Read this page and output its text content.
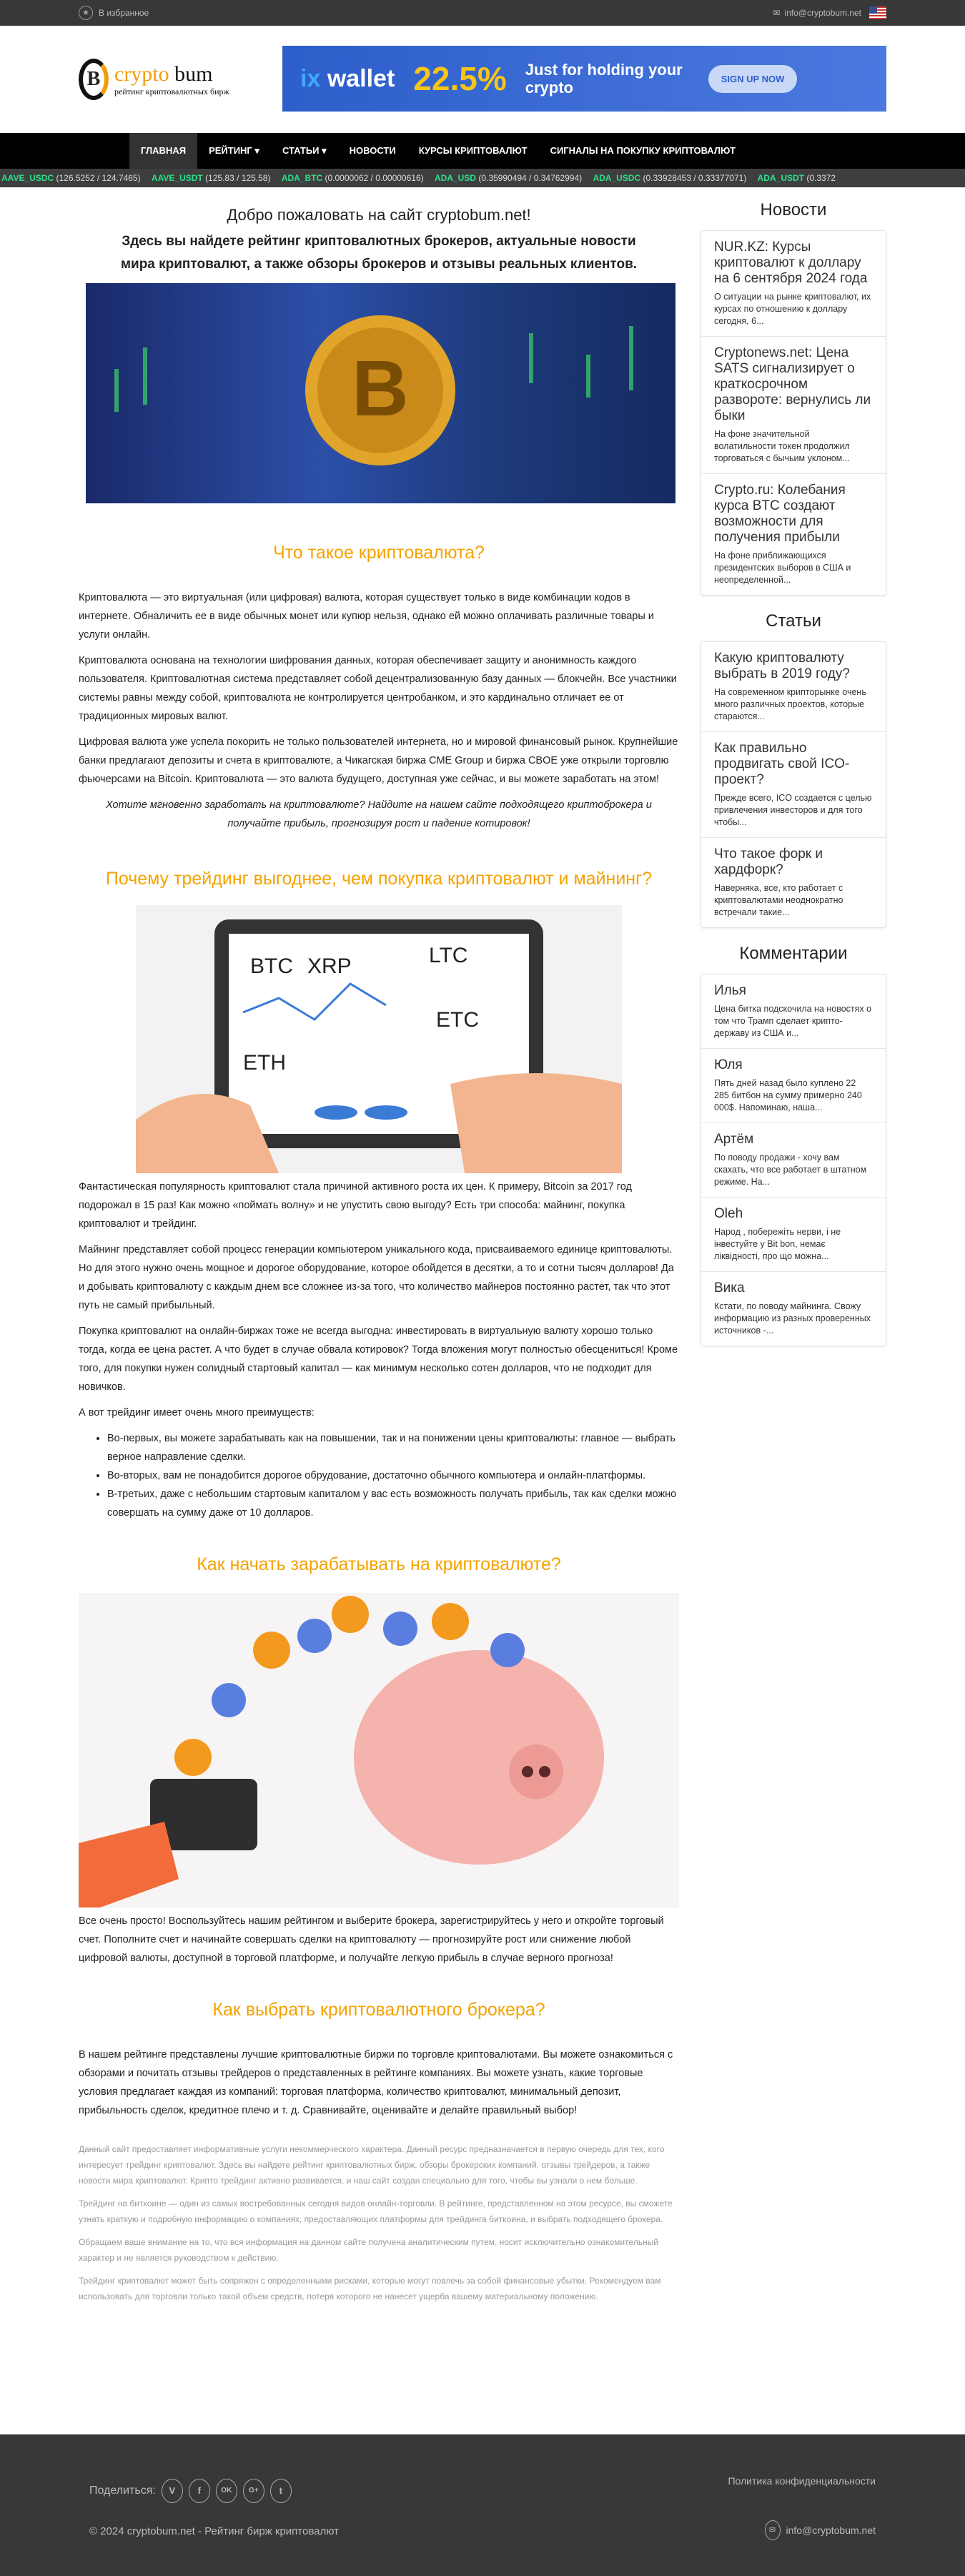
★	В избранное	✉ info@cryptobum.net
B crypto bum
рейтинг криптовалютных бирж	ix wallet 22.5% Just for holding your crypto	SIGN UP NOW
ГЛАВНАЯ	РЕЙТИНГ ▾	СТАТЬИ ▾	НОВОСТИ	КУРСЫ КРИПТОВАЛЮТ	СИГНАЛЫ НА ПОКУПКУ КРИПТОВАЛЮТ
AAVE_USDC (126.5252 / 124.7465) AAVE_USDT (125.83 / 125.58) ADA_BTC (0.0000062 / 0.00000616) ADA_USD (0.35990494 / 0.34762994) ADA_USDC (0.33928453 / 0.33377071) ADA_USDT (0.3372
Добро пожаловать на сайт cryptobum.net!
Здесь вы найдете рейтинг криптовалютных брокеров, актуальные новости мира криптовалют, а также обзоры брокеров и отзывы реальных клиентов.
B
Что такое криптовалюта?

Криптовалюта — это виртуальная (или цифровая) валюта, которая существует только в виде комбинации кодов в интернете. Обналичить ее в виде обычных монет или купюр нельзя, однако ей можно оплачивать различные товары и услуги онлайн.

Криптовалюта основана на технологии шифрования данных, которая обеспечивает защиту и анонимность каждого пользователя. Криптовалютная система представляет собой децентрализованную базу данных — блокчейн. Все участники системы равны между собой, криптовалюта не контролируется центробанком, и это кардинально отличает ее от традиционных мировых валют.

Цифровая валюта уже успела покорить не только пользователей интернета, но и мировой финансовый рынок. Крупнейшие банки предлагают депозиты и счета в криптовалюте, а Чикагская биржа CME Group и биржа CBOE уже открыли торговлю фьючерсами на Bitcoin. Криптовалюта — это валюта будущего, доступная уже сейчас, и вы можете заработать на этом!

Хотите мгновенно заработать на криптовалюте? Найдите на нашем сайте подходящего криптоброкера и получайте прибыль, прогнозируя рост и падение котировок!

Почему трейдинг выгоднее, чем покупка криптовалют и майнинг?
BTC XRP	LTC
ETC
ETH

Фантастическая популярность криптовалют стала причиной активного роста их цен. К примеру, Bitcoin за 2017 год подорожал в 15 раз! Как можно «поймать волну» и не упустить свою выгоду? Есть три способа: майнинг, покупка криптовалют и трейдинг.

Майнинг представляет собой процесс генерации компьютером уникального кода, присваиваемого единице криптовалюты. Но для этого нужно очень мощное и дорогое оборудование, которое обойдется в десятки, а то и сотни тысяч долларов! Да и добывать криптовалюту с каждым днем все сложнее из-за того, что количество майнеров постоянно растет, так что этот путь не самый прибыльный.

Покупка криптовалют на онлайн-биржах тоже не всегда выгодна: инвестировать в виртуальную валюту хорошо только тогда, когда ее цена растет. А что будет в случае обвала котировок? Тогда вложения могут полностью обесцениться! Кроме того, для покупки нужен солидный стартовый капитал — как минимум несколько сотен долларов, что не подходит для новичков.

А вот трейдинг имеет очень много преимуществ:

• Во-первых, вы можете зарабатывать как на повышении, так и на понижении цены криптовалюты: главное — выбрать верное направление сделки.
• Во-вторых, вам не понадобится дорогое обрудование, достаточно обычного компьютера и онлайн-платформы.
• В-третьих, даже с небольшим стартовым капиталом у вас есть возможность получать прибыль, так как сделки можно совершать на сумму даже от 10 долларов.
Как начать зарабатывать на криптовалюте?

Все очень просто! Воспользуйтесь нашим рейтингом и выберите брокера, зарегистрируйтесь у него и откройте торговый счет. Пополните счет и начинайте совершать сделки на криптовалюту — прогнозируйте рост или снижение любой цифровой валюты, доступной в торговой платформе, и получайте легкую прибыль в случае верного прогноза!

Как выбрать криптовалютного брокера?

В нашем рейтинге представлены лучшие криптовалютные биржи по торговле криптовалютами. Вы можете ознакомиться с обзорами и почитать отзывы трейдеров о представленных в рейтинге компаниях. Вы можете узнать, какие торговые условия предлагает каждая из компаний: торговая платформа, количество криптовалют, минимальный депозит, прибыльность сделок, кредитное плечо и т. д. Сравнивайте, оценивайте и делайте правильный выбор!

Данный сайт предоставляет информативные услуги некоммерческого характера. Данный ресурс предназначается в первую очередь для тех, кого интересует трейдинг криптовалют. Здесь вы найдете рейтинг криптовалютных бирж, обзоры брокерских компаний, отзывы трейдеров, а также новости мира криптовалют. Крипто трейдинг активно развивается, и наш сайт создан специально для того, чтобы вы узнали о нем больше.

Трейдинг на биткоине — один из самых востребованных сегодня видов онлайн-торговли. В рейтинге, представленном на этом ресурсе, вы сможете узнать краткую и подробную информацию о компаниях, предоставляющих платформы для трейдинга биткоина, и выбрать подходящего брокера.

Обращаем ваше внимание на то, что вся информация на данном сайте получена аналитическим путем, носит исключительно ознакомительный характер и не является руководством к действию.

Трейдинг криптовалют может быть сопряжен с определенными рисками, которые могут повлечь за собой финансовые убытки. Рекомендуем вам использовать для торговли только такой объем средств, потеря которого не нанесет ущерба вашему материальному положению.

Новости
NUR.KZ: Курсы криптовалют к доллару на 6 сентября 2024 года
О ситуации на рынке криптовалют, их курсах по отношению к доллару сегодня, 6...
Cryptonews.net: Цена SATS сигнализирует о краткосрочном развороте: вернулись ли быки
На фоне значительной волатильности токен продолжил торговаться с бычьим уклоном...
Crypto.ru: Колебания курса BTC создают возможности для получения прибыли
На фоне приближающихся президентских выборов в США и неопределенной...
Статьи
Какую криптовалюту выбрать в 2019 году?
На современном крипторынке очень много различных проектов, которые стараются...
Как правильно продвигать свой ICO-проект?
Прежде всего, ICO создается с целью привлечения инвесторов и для того чтобы...
Что такое форк и хардфорк?
Наверняка, все, кто работает с криптовалютами неоднократно встречали такие...
Комментарии
Илья
Цена битка подскочила на новостях о том что Трамп сделает крипто- державу из США и...
Юля
Пять дней назад было куплено 22 285 битбон на сумму примерно 240 000$. Напоминаю, наша...
Артём
По поводу продажи - хочу вам скахать, что все работает в штатном режиме. На...
Oleh
Народ , побережіть нерви, і не інвестуйте у Bit bon, немає ліквідності, про що можна...
Вика
Кстати, по поводу майнинга. Свожу информацию из разных проверенных источников -...
Поделиться:	V	f	OK	G+	t
© 2024 cryptobum.net - Рейтинг бирж криптовалют
Политика конфиденциальности
✉	info@cryptobum.net
